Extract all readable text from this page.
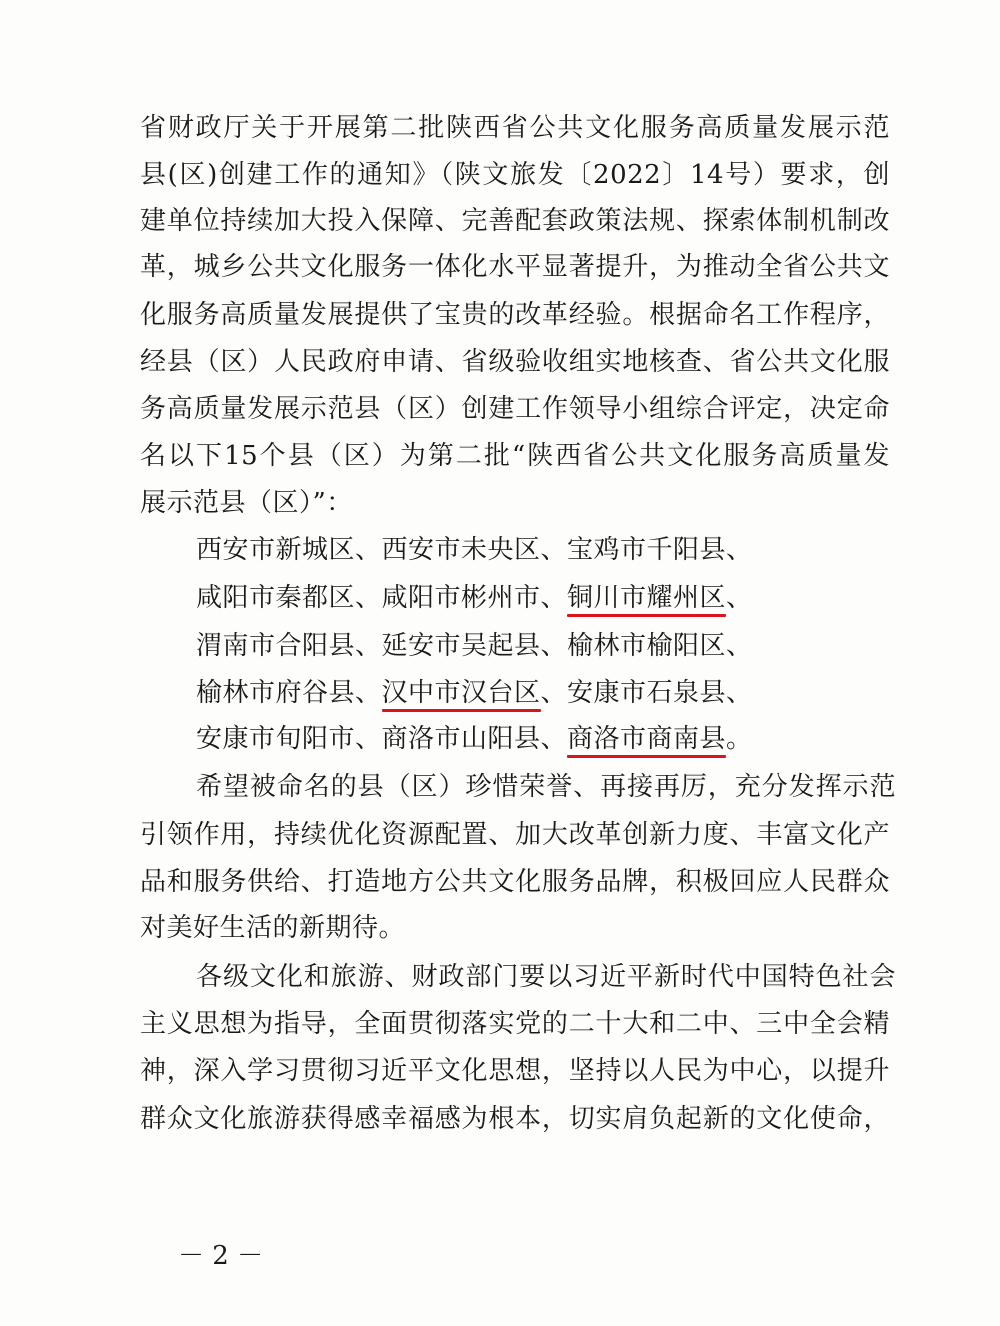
省财政厅关于开展第二批陕西省公共文化服务高质量发展示范
县(区)创建工作的通知》（陕文旅发〔2022〕14号）要求，创
建单位持续加大投入保障、完善配套政策法规、探索体制机制改
革，城乡公共文化服务一体化水平显著提升，为推动全省公共文
化服务高质量发展提供了宝贵的改革经验。根据命名工作程序，
经县（区）人民政府申请、省级验收组实地核查、省公共文化服
务高质量发展示范县（区）创建工作领导小组综合评定，决定命
名以下15个县（区）为第二批“陕西省公共文化服务高质量发
展示范县（区）”：
西安市新城区、西安市未央区、宝鸡市千阳县、
咸阳市秦都区、咸阳市彬州市、铜川市耀州区、
渭南市合阳县、延安市吴起县、榆林市榆阳区、
榆林市府谷县、汉中市汉台区、安康市石泉县、
安康市旬阳市、商洛市山阳县、商洛市商南县。
希望被命名的县（区）珍惜荣誉、再接再厉，充分发挥示范
引领作用，持续优化资源配置、加大改革创新力度、丰富文化产
品和服务供给、打造地方公共文化服务品牌，积极回应人民群众
对美好生活的新期待。
各级文化和旅游、财政部门要以习近平新时代中国特色社会
主义思想为指导，全面贯彻落实党的二十大和二中、三中全会精
神，深入学习贯彻习近平文化思想，坚持以人民为中心，以提升
群众文化旅游获得感幸福感为根本，切实肩负起新的文化使命，
－ 2 －
